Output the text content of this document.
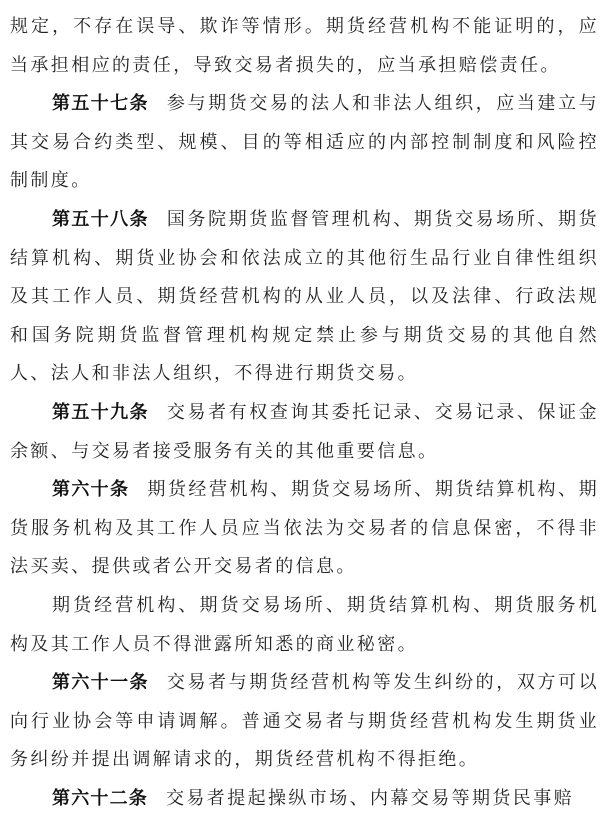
规定，不存在误导、欺诈等情形。期货经营机构不能证明的，应当承担相应的责任，导致交易者损失的，应当承担赔偿责任。

第五十七条 参与期货交易的法人和非法人组织，应当建立与其交易合约类型、规模、目的等相适应的内部控制制度和风险控制制度。

第五十八条 国务院期货监督管理机构、期货交易场所、期货结算机构、期货业协会和依法成立的其他衍生品行业自律性组织及其工作人员、期货经营机构的从业人员，以及法律、行政法规和国务院期货监督管理机构规定禁止参与期货交易的其他自然人、法人和非法人组织，不得进行期货交易。

第五十九条 交易者有权查询其委托记录、交易记录、保证金余额、与交易者接受服务有关的其他重要信息。

第六十条 期货经营机构、期货交易场所、期货结算机构、期货服务机构及其工作人员应当依法为交易者的信息保密，不得非法买卖、提供或者公开交易者的信息。

期货经营机构、期货交易场所、期货结算机构、期货服务机构及其工作人员不得泄露所知悉的商业秘密。

第六十一条 交易者与期货经营机构等发生纠纷的，双方可以向行业协会等申请调解。普通交易者与期货经营机构发生期货业务纠纷并提出调解请求的，期货经营机构不得拒绝。

第六十二条 交易者提起操纵市场、内幕交易等期货民事赔
